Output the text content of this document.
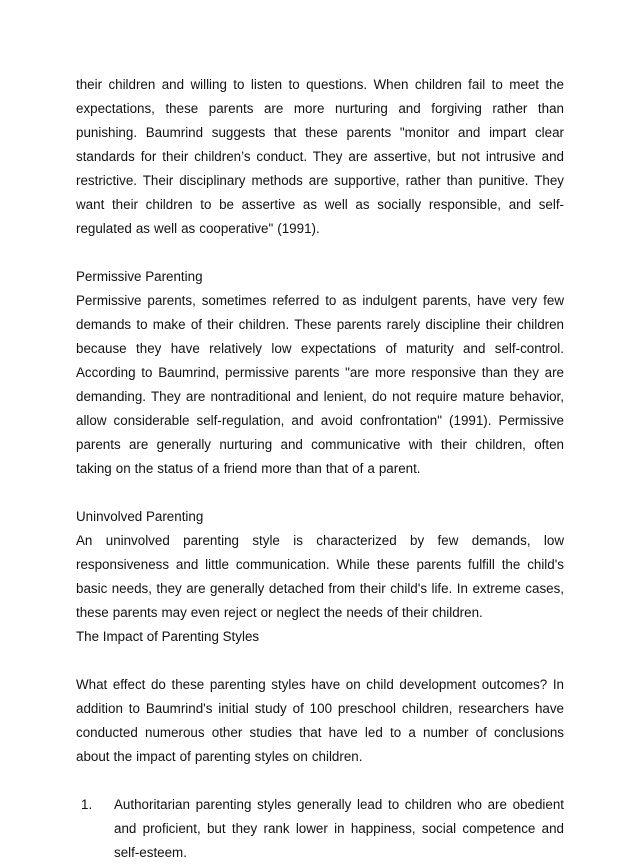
their children and willing to listen to questions. When children fail to meet the expectations, these parents are more nurturing and forgiving rather than punishing. Baumrind suggests that these parents "monitor and impart clear standards for their children’s conduct. They are assertive, but not intrusive and restrictive. Their disciplinary methods are supportive, rather than punitive. They want their children to be assertive as well as socially responsible, and self-regulated as well as cooperative" (1991).

Permissive Parenting

Permissive parents, sometimes referred to as indulgent parents, have very few demands to make of their children. These parents rarely discipline their children because they have relatively low expectations of maturity and self-control. According to Baumrind, permissive parents "are more responsive than they are demanding. They are nontraditional and lenient, do not require mature behavior, allow considerable self-regulation, and avoid confrontation" (1991). Permissive parents are generally nurturing and communicative with their children, often taking on the status of a friend more than that of a parent.

Uninvolved Parenting

An uninvolved parenting style is characterized by few demands, low responsiveness and little communication. While these parents fulfill the child's basic needs, they are generally detached from their child's life. In extreme cases, these parents may even reject or neglect the needs of their children.

The Impact of Parenting Styles

What effect do these parenting styles have on child development outcomes? In addition to Baumrind's initial study of 100 preschool children, researchers have conducted numerous other studies that have led to a number of conclusions about the impact of parenting styles on children.

1.	Authoritarian parenting styles generally lead to children who are obedient and proficient, but they rank lower in happiness, social competence and self-esteem.
